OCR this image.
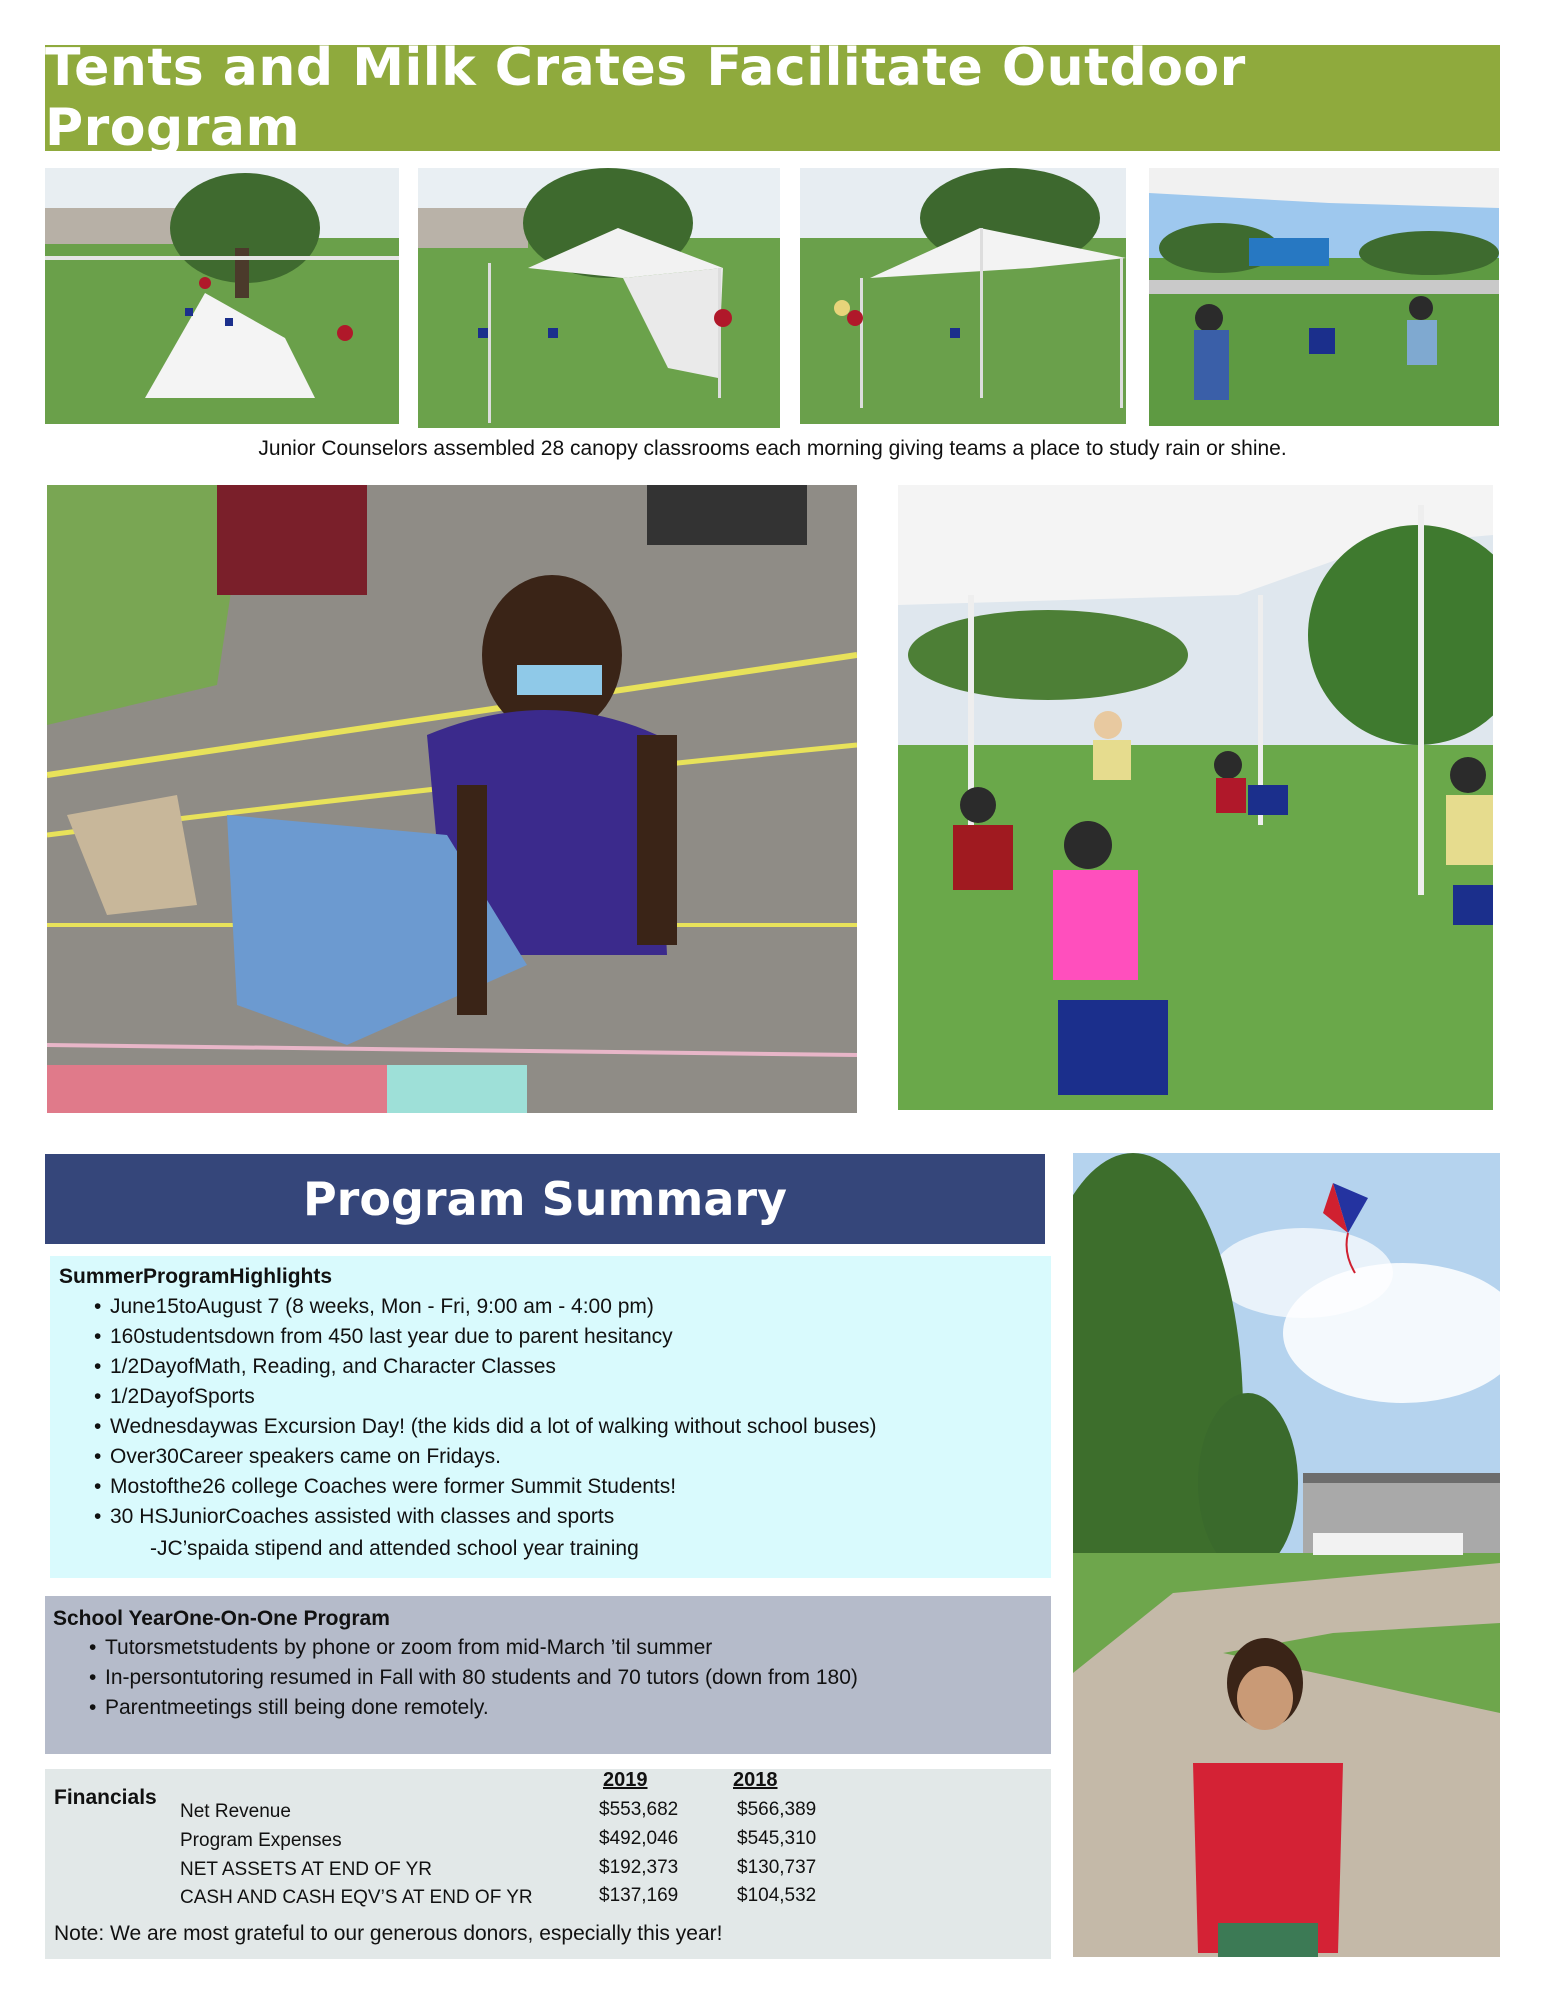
Tents and Milk Crates Facilitate Outdoor Program
Junior Counselors assembled 28 canopy classrooms each morning giving teams a place to study rain or shine.
Program Summary
SummerProgramHighlights
• June15toAugust 7 (8 weeks, Mon - Fri, 9:00 am - 4:00 pm)
• 160studentsdown from 450 last year due to parent hesitancy
• 1/2DayofMath, Reading, and Character Classes
• 1/2DayofSports
• Wednesdaywas Excursion Day! (the kids did a lot of walking without school buses)
• Over30Career speakers came on Fridays.
• Mostofthe26 college Coaches were former Summit Students!
• 30 HSJuniorCoaches assisted with classes and sports
-JC’spaida stipend and attended school year training
School YearOne-On-One Program
• Tutorsmetstudents by phone or zoom from mid-March ’til summer
• In-persontutoring resumed in Fall with 80 students and 70 tutors (down from 180)
• Parentmeetings still being done remotely.
Financials
2019	2018
Net Revenue	$553,682	$566,389
Program Expenses	$492,046	$545,310
NET ASSETS AT END OF YR	$192,373	$130,737
CASH AND CASH EQV’S AT END OF YR	$137,169	$104,532
Note: We are most grateful to our generous donors, especially this year!
